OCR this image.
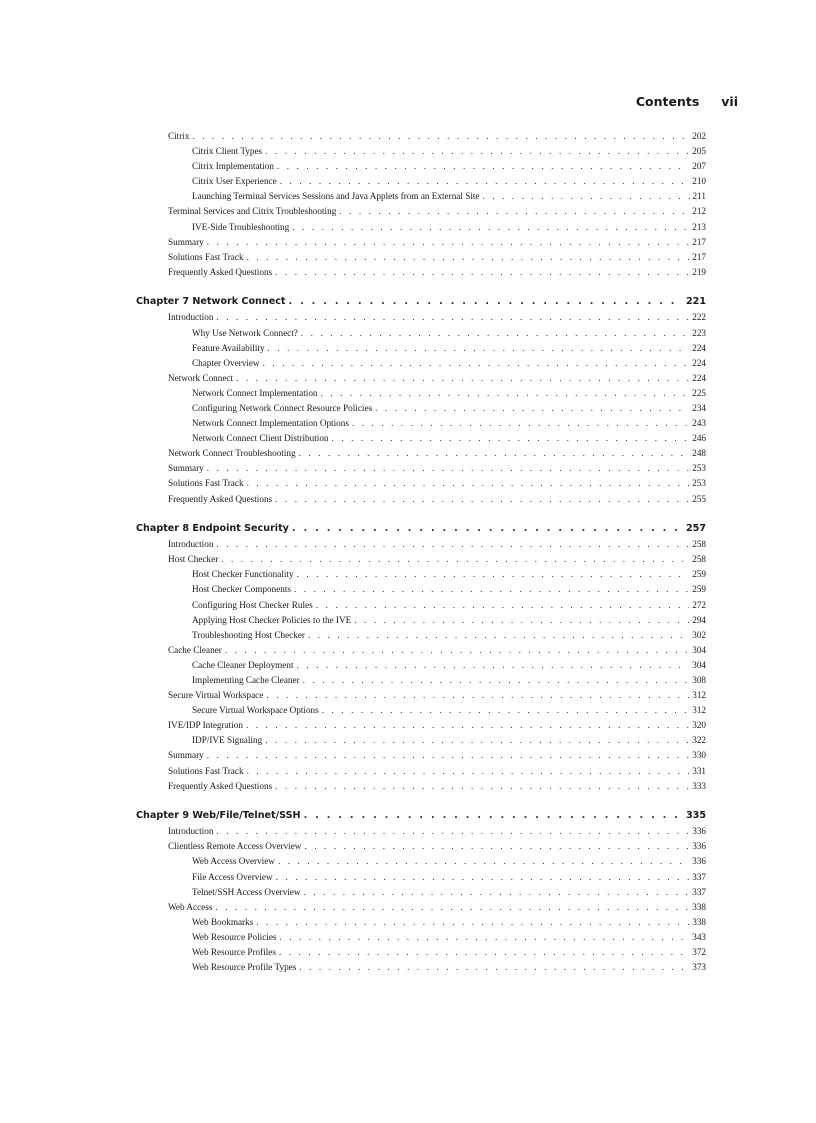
Contents vii
Citrix . . .	202
Citrix Client Types . . .	205
Citrix Implementation . . .	207
Citrix User Experience . . .	210
Launching Terminal Services Sessions and Java Applets from an External Site . . .	211
Terminal Services and Citrix Troubleshooting . . .	212
IVE-Side Troubleshooting . . .	213
Summary . . .	217
Solutions Fast Track . . .	217
Frequently Asked Questions . . .	219
Chapter 7 Network Connect . . .	221
Introduction . . .	222
Why Use Network Connect? . . .	223
Feature Availability . . .	224
Chapter Overview . . .	224
Network Connect . . .	224
Network Connect Implementation . . .	225
Configuring Network Connect Resource Policies . . .	234
Network Connect Implementation Options . . .	243
Network Connect Client Distribution . . .	246
Network Connect Troubleshooting . . .	248
Summary . . .	253
Solutions Fast Track . . .	253
Frequently Asked Questions . . .	255
Chapter 8 Endpoint Security . . .	257
Introduction . . .	258
Host Checker . . .	258
Host Checker Functionality . . .	259
Host Checker Components . . .	259
Configuring Host Checker Rules . . .	272
Applying Host Checker Policies to the IVE . . .	294
Troubleshooting Host Checker . . .	302
Cache Cleaner . . .	304
Cache Cleaner Deployment . . .	304
Implementing Cache Cleaner . . .	308
Secure Virtual Workspace . . .	312
Secure Virtual Workspace Options . . .	312
IVE/IDP Integration . . .	320
IDP/IVE Signaling . . .	322
Summary . . .	330
Solutions Fast Track . . .	331
Frequently Asked Questions . . .	333
Chapter 9 Web/File/Telnet/SSH . . .	335
Introduction . . .	336
Clientless Remote Access Overview . . .	336
Web Access Overview . . .	336
File Access Overview . . .	337
Telnet/SSH Access Overview . . .	337
Web Access . . .	338
Web Bookmarks . . .	338
Web Resource Policies . . .	343
Web Resource Profiles . . .	372
Web Resource Profile Types . . .	373
